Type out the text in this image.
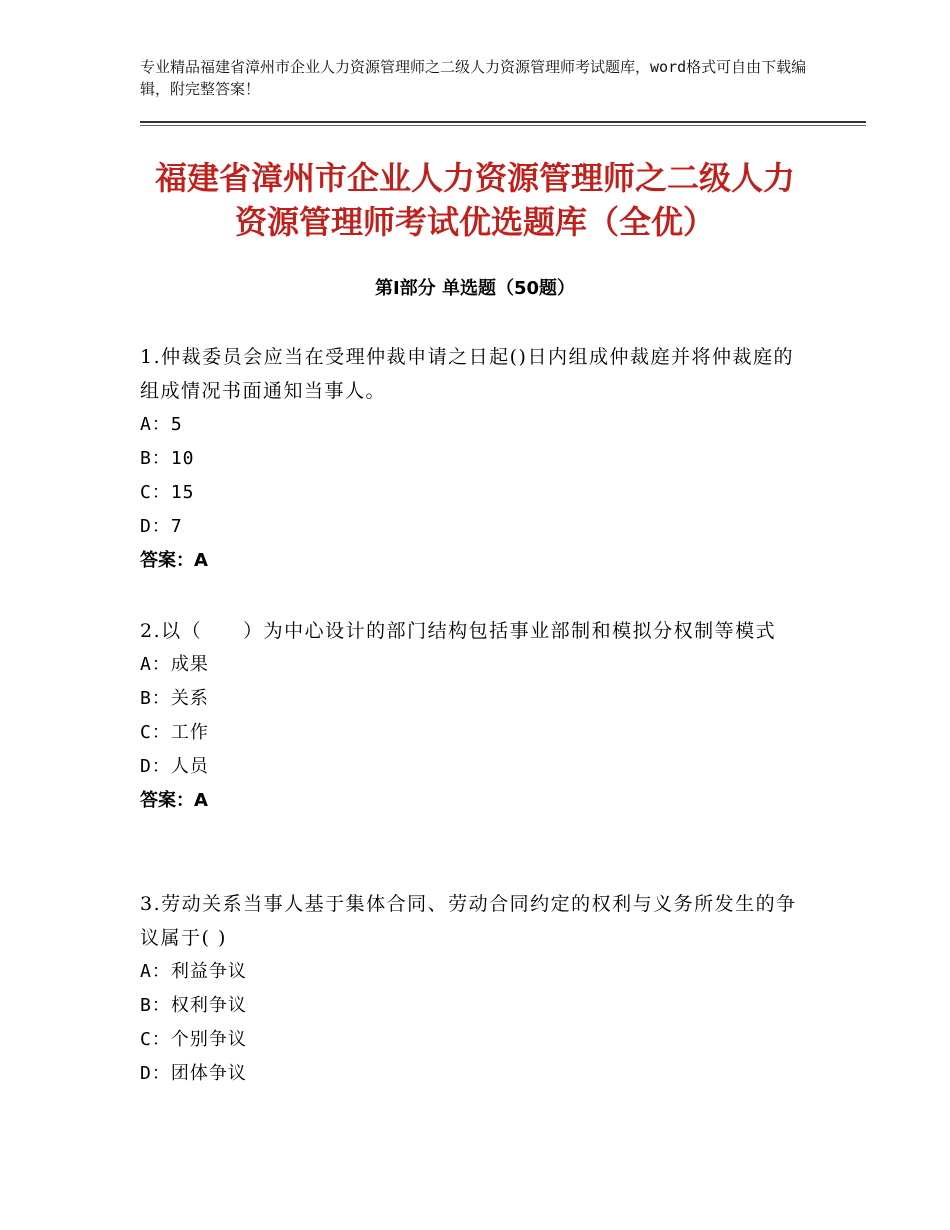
专业精品福建省漳州市企业人力资源管理师之二级人力资源管理师考试题库，word格式可自由下载编辑，附完整答案！

福建省漳州市企业人力资源管理师之二级人力资源管理师考试优选题库（全优）
第Ⅰ部分 单选题（50题）

1.仲裁委员会应当在受理仲裁申请之日起()日内组成仲裁庭并将仲裁庭的组成情况书面通知当事人。

A：5

B：10

C：15

D：7

答案：A

2.以（　　）为中心设计的部门结构包括事业部制和模拟分权制等模式

A：成果

B：关系

C：工作

D：人员

答案：A

3.劳动关系当事人基于集体合同、劳动合同约定的权利与义务所发生的争议属于( )

A：利益争议

B：权利争议

C：个别争议

D：团体争议
